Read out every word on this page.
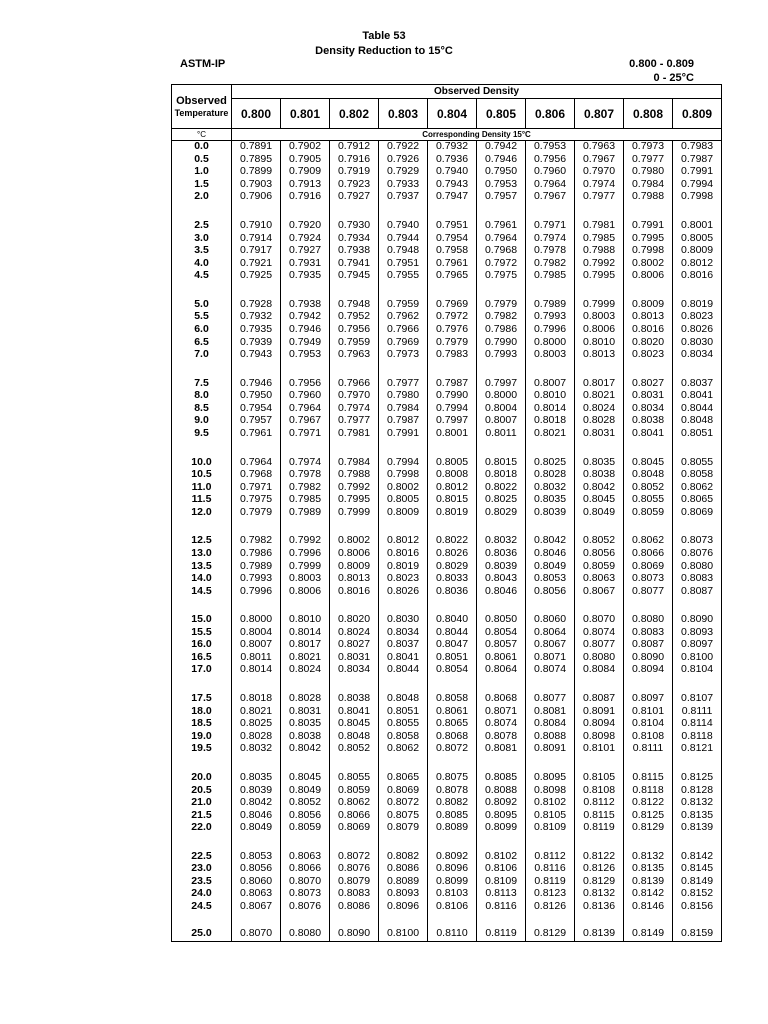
Table 53
Density Reduction to 15°C
ASTM-IP	0.800 - 0.809
0 - 25°C
Observed
Temperature	Observed Density									
	0.800	0.801	0.802	0.803	0.804	0.805	0.806	0.807	0.808	0.809
°C	Corresponding Density 15°C									
0.0	0.7891	0.7902	0.7912	0.7922	0.7932	0.7942	0.7953	0.7963	0.7973	0.7983
0.5	0.7895	0.7905	0.7916	0.7926	0.7936	0.7946	0.7956	0.7967	0.7977	0.7987
1.0	0.7899	0.7909	0.7919	0.7929	0.7940	0.7950	0.7960	0.7970	0.7980	0.7991
1.5	0.7903	0.7913	0.7923	0.7933	0.7943	0.7953	0.7964	0.7974	0.7984	0.7994
2.0	0.7906	0.7916	0.7927	0.7937	0.7947	0.7957	0.7967	0.7977	0.7988	0.7998

2.5	0.7910	0.7920	0.7930	0.7940	0.7951	0.7961	0.7971	0.7981	0.7991	0.8001
3.0	0.7914	0.7924	0.7934	0.7944	0.7954	0.7964	0.7974	0.7985	0.7995	0.8005
3.5	0.7917	0.7927	0.7938	0.7948	0.7958	0.7968	0.7978	0.7988	0.7998	0.8009
4.0	0.7921	0.7931	0.7941	0.7951	0.7961	0.7972	0.7982	0.7992	0.8002	0.8012
4.5	0.7925	0.7935	0.7945	0.7955	0.7965	0.7975	0.7985	0.7995	0.8006	0.8016

5.0	0.7928	0.7938	0.7948	0.7959	0.7969	0.7979	0.7989	0.7999	0.8009	0.8019
5.5	0.7932	0.7942	0.7952	0.7962	0.7972	0.7982	0.7993	0.8003	0.8013	0.8023
6.0	0.7935	0.7946	0.7956	0.7966	0.7976	0.7986	0.7996	0.8006	0.8016	0.8026
6.5	0.7939	0.7949	0.7959	0.7969	0.7979	0.7990	0.8000	0.8010	0.8020	0.8030
7.0	0.7943	0.7953	0.7963	0.7973	0.7983	0.7993	0.8003	0.8013	0.8023	0.8034

7.5	0.7946	0.7956	0.7966	0.7977	0.7987	0.7997	0.8007	0.8017	0.8027	0.8037
8.0	0.7950	0.7960	0.7970	0.7980	0.7990	0.8000	0.8010	0.8021	0.8031	0.8041
8.5	0.7954	0.7964	0.7974	0.7984	0.7994	0.8004	0.8014	0.8024	0.8034	0.8044
9.0	0.7957	0.7967	0.7977	0.7987	0.7997	0.8007	0.8018	0.8028	0.8038	0.8048
9.5	0.7961	0.7971	0.7981	0.7991	0.8001	0.8011	0.8021	0.8031	0.8041	0.8051

10.0	0.7964	0.7974	0.7984	0.7994	0.8005	0.8015	0.8025	0.8035	0.8045	0.8055
10.5	0.7968	0.7978	0.7988	0.7998	0.8008	0.8018	0.8028	0.8038	0.8048	0.8058
11.0	0.7971	0.7982	0.7992	0.8002	0.8012	0.8022	0.8032	0.8042	0.8052	0.8062
11.5	0.7975	0.7985	0.7995	0.8005	0.8015	0.8025	0.8035	0.8045	0.8055	0.8065
12.0	0.7979	0.7989	0.7999	0.8009	0.8019	0.8029	0.8039	0.8049	0.8059	0.8069

12.5	0.7982	0.7992	0.8002	0.8012	0.8022	0.8032	0.8042	0.8052	0.8062	0.8073
13.0	0.7986	0.7996	0.8006	0.8016	0.8026	0.8036	0.8046	0.8056	0.8066	0.8076
13.5	0.7989	0.7999	0.8009	0.8019	0.8029	0.8039	0.8049	0.8059	0.8069	0.8080
14.0	0.7993	0.8003	0.8013	0.8023	0.8033	0.8043	0.8053	0.8063	0.8073	0.8083
14.5	0.7996	0.8006	0.8016	0.8026	0.8036	0.8046	0.8056	0.8067	0.8077	0.8087

15.0	0.8000	0.8010	0.8020	0.8030	0.8040	0.8050	0.8060	0.8070	0.8080	0.8090
15.5	0.8004	0.8014	0.8024	0.8034	0.8044	0.8054	0.8064	0.8074	0.8083	0.8093
16.0	0.8007	0.8017	0.8027	0.8037	0.8047	0.8057	0.8067	0.8077	0.8087	0.8097
16.5	0.8011	0.8021	0.8031	0.8041	0.8051	0.8061	0.8071	0.8080	0.8090	0.8100
17.0	0.8014	0.8024	0.8034	0.8044	0.8054	0.8064	0.8074	0.8084	0.8094	0.8104

17.5	0.8018	0.8028	0.8038	0.8048	0.8058	0.8068	0.8077	0.8087	0.8097	0.8107
18.0	0.8021	0.8031	0.8041	0.8051	0.8061	0.8071	0.8081	0.8091	0.8101	0.8111
18.5	0.8025	0.8035	0.8045	0.8055	0.8065	0.8074	0.8084	0.8094	0.8104	0.8114
19.0	0.8028	0.8038	0.8048	0.8058	0.8068	0.8078	0.8088	0.8098	0.8108	0.8118
19.5	0.8032	0.8042	0.8052	0.8062	0.8072	0.8081	0.8091	0.8101	0.8111	0.8121

20.0	0.8035	0.8045	0.8055	0.8065	0.8075	0.8085	0.8095	0.8105	0.8115	0.8125
20.5	0.8039	0.8049	0.8059	0.8069	0.8078	0.8088	0.8098	0.8108	0.8118	0.8128
21.0	0.8042	0.8052	0.8062	0.8072	0.8082	0.8092	0.8102	0.8112	0.8122	0.8132
21.5	0.8046	0.8056	0.8066	0.8075	0.8085	0.8095	0.8105	0.8115	0.8125	0.8135
22.0	0.8049	0.8059	0.8069	0.8079	0.8089	0.8099	0.8109	0.8119	0.8129	0.8139

22.5	0.8053	0.8063	0.8072	0.8082	0.8092	0.8102	0.8112	0.8122	0.8132	0.8142
23.0	0.8056	0.8066	0.8076	0.8086	0.8096	0.8106	0.8116	0.8126	0.8135	0.8145
23.5	0.8060	0.8070	0.8079	0.8089	0.8099	0.8109	0.8119	0.8129	0.8139	0.8149
24.0	0.8063	0.8073	0.8083	0.8093	0.8103	0.8113	0.8123	0.8132	0.8142	0.8152
24.5	0.8067	0.8076	0.8086	0.8096	0.8106	0.8116	0.8126	0.8136	0.8146	0.8156

25.0	0.8070	0.8080	0.8090	0.8100	0.8110	0.8119	0.8129	0.8139	0.8149	0.8159
